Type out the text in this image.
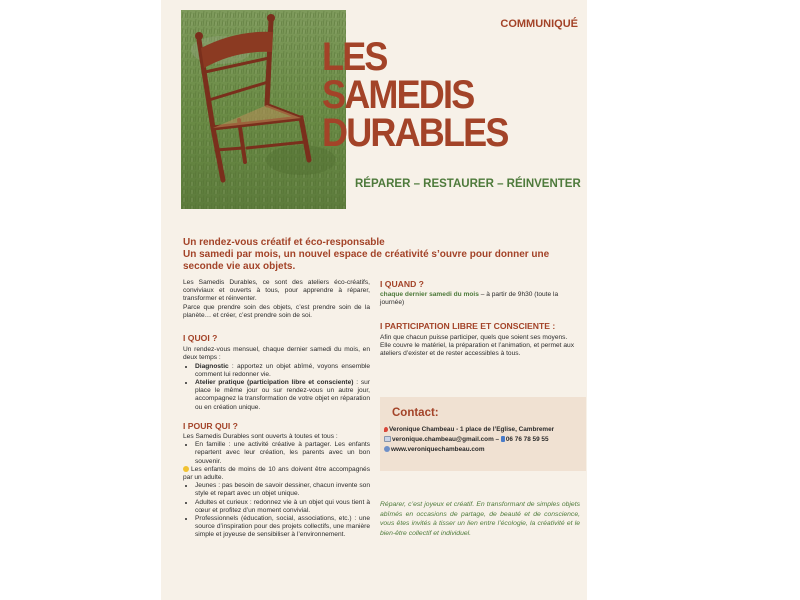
COMMUNIQUÉ
LES
SAMEDIS
DURABLES
RÉPARER – RESTAURER – RÉINVENTER
Un rendez-vous créatif et éco-responsable
Un samedi par mois, un nouvel espace de créativité s’ouvre pour donner une seconde vie aux objets.

Les Samedis Durables, ce sont des ateliers éco-créatifs, conviviaux et ouverts à tous, pour apprendre à réparer, transformer et réinventer.

Parce que prendre soin des objets, c’est prendre soin de la planète… et créer, c’est prendre soin de soi.

I QUOI ?

Un rendez-vous mensuel, chaque dernier samedi du mois, en deux temps :

• Diagnostic : apportez un objet abîmé, voyons ensemble comment lui redonner vie.
• Atelier pratique (participation libre et consciente) : sur place le même jour ou sur rendez-vous un autre jour, accompagnez la transformation de votre objet en réparation ou en création unique.
I POUR QUI ?

Les Samedis Durables sont ouverts à toutes et tous :

• En famille : une activité créative à partager. Les enfants repartent avec leur création, les parents avec un bon souvenir.

Les enfants de moins de 10 ans doivent être accompagnés par un adulte.

• Jeunes : pas besoin de savoir dessiner, chacun invente son style et repart avec un objet unique.
• Adultes et curieux : redonnez vie à un objet qui vous tient à cœur et profitez d’un moment convivial.
• Professionnels (éducation, social, associations, etc.) : une source d’inspiration pour des projets collectifs, une manière simple et joyeuse de sensibiliser à l’environnement.
I QUAND ?

chaque dernier samedi du mois – à partir de 9h30 (toute la journée)

I PARTICIPATION LIBRE ET CONSCIENTE :

Afin que chacun puisse participer, quels que soient ses moyens.

Elle couvre le matériel, la préparation et l’animation, et permet aux ateliers d’exister et de rester accessibles à tous.

Contact:
Veronique Chambeau - 1 place de l’Eglise, Cambremer
veronique.chambeau@gmail.com – 06 76 78 59 55
www.veroniquechambeau.com
Réparer, c’est joyeux et créatif. En transformant de simples objets abîmés en occasions de partage, de beauté et de conscience, vous êtes invités à tisser un lien entre l’écologie, la créativité et le bien-être collectif et individuel.
